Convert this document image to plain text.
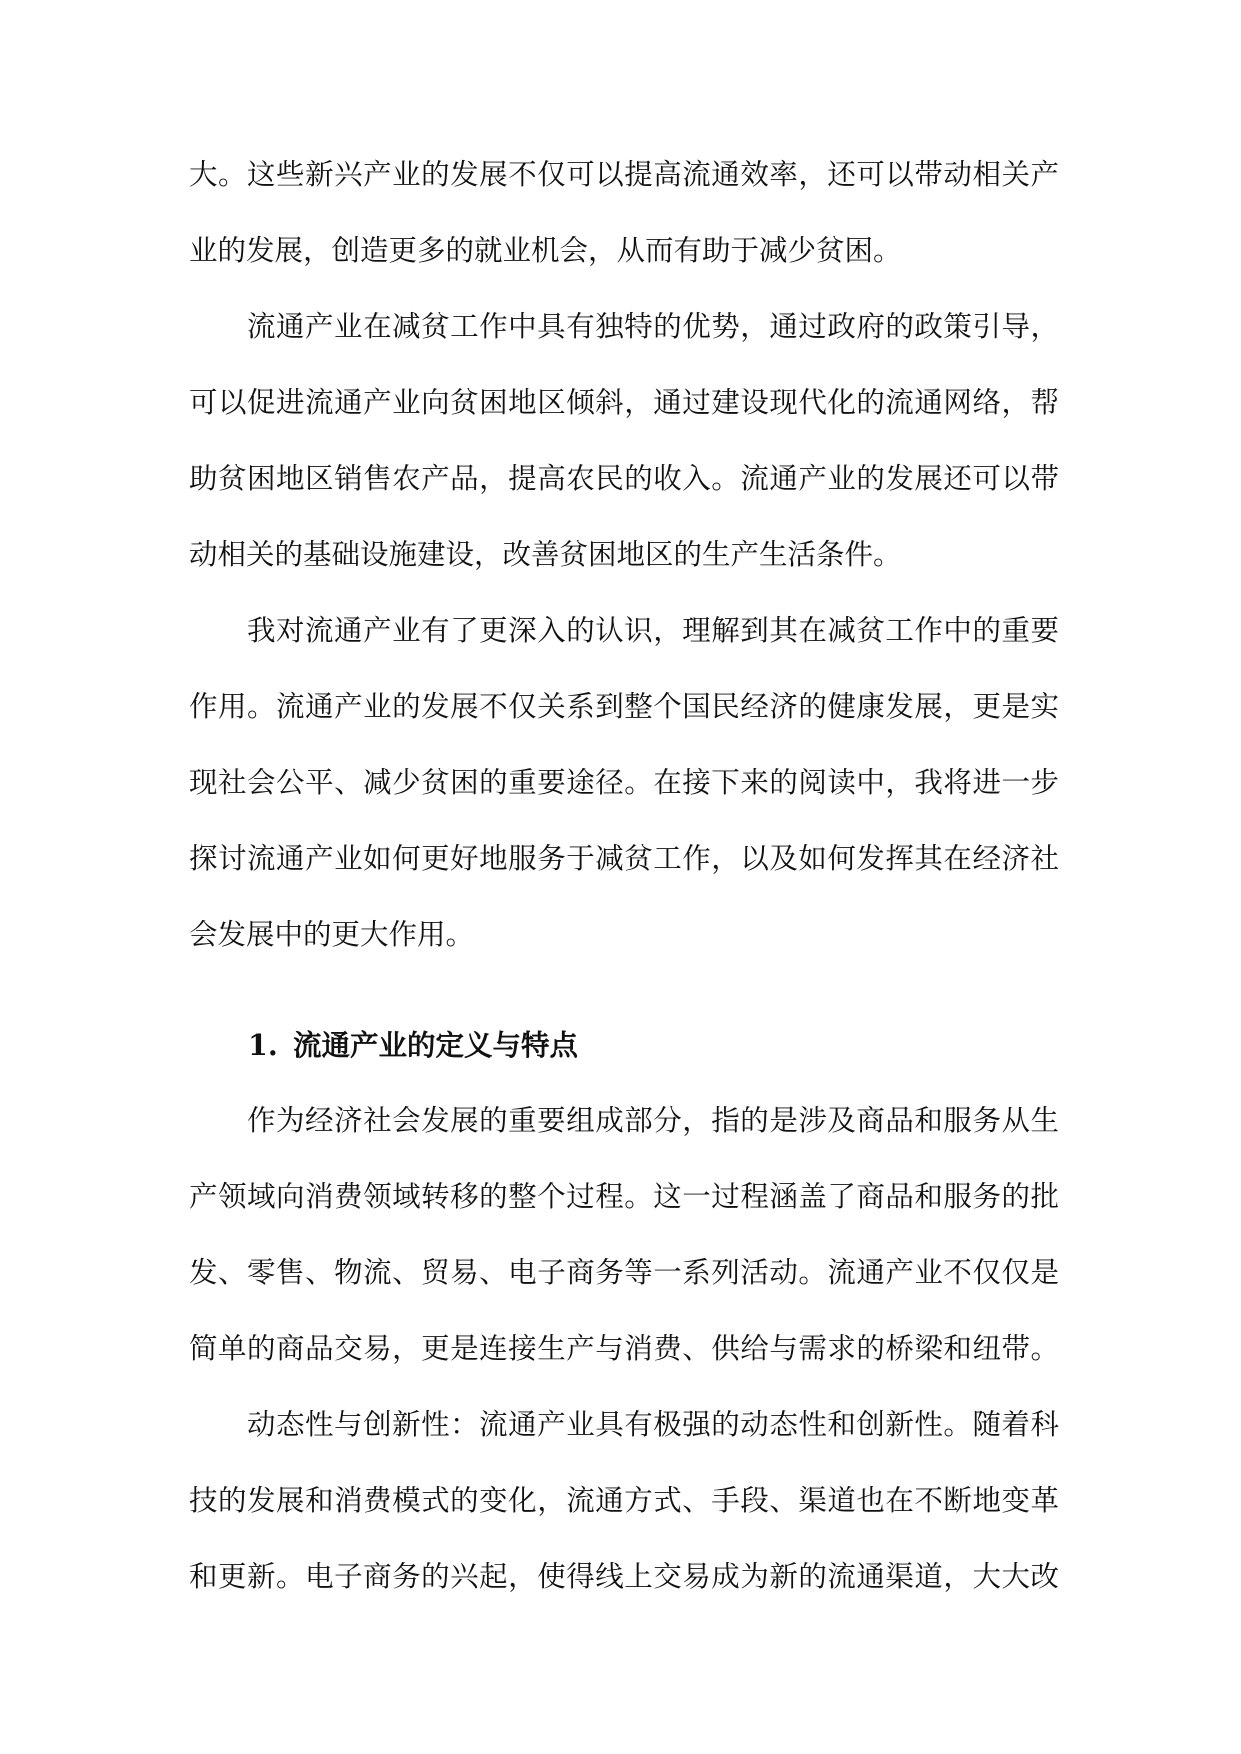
大。这些新兴产业的发展不仅可以提高流通效率，还可以带动相关产
业的发展，创造更多的就业机会，从而有助于减少贫困。
流通产业在减贫工作中具有独特的优势，通过政府的政策引导，
可以促进流通产业向贫困地区倾斜，通过建设现代化的流通网络，帮
助贫困地区销售农产品，提高农民的收入。流通产业的发展还可以带
动相关的基础设施建设，改善贫困地区的生产生活条件。
我对流通产业有了更深入的认识，理解到其在减贫工作中的重要
作用。流通产业的发展不仅关系到整个国民经济的健康发展，更是实
现社会公平、减少贫困的重要途径。在接下来的阅读中，我将进一步
探讨流通产业如何更好地服务于减贫工作，以及如何发挥其在经济社
会发展中的更大作用。
1. 流通产业的定义与特点
作为经济社会发展的重要组成部分，指的是涉及商品和服务从生
产领域向消费领域转移的整个过程。这一过程涵盖了商品和服务的批
发、零售、物流、贸易、电子商务等一系列活动。流通产业不仅仅是
简单的商品交易，更是连接生产与消费、供给与需求的桥梁和纽带。
动态性与创新性：流通产业具有极强的动态性和创新性。随着科
技的发展和消费模式的变化，流通方式、手段、渠道也在不断地变革
和更新。电子商务的兴起，使得线上交易成为新的流通渠道，大大改
